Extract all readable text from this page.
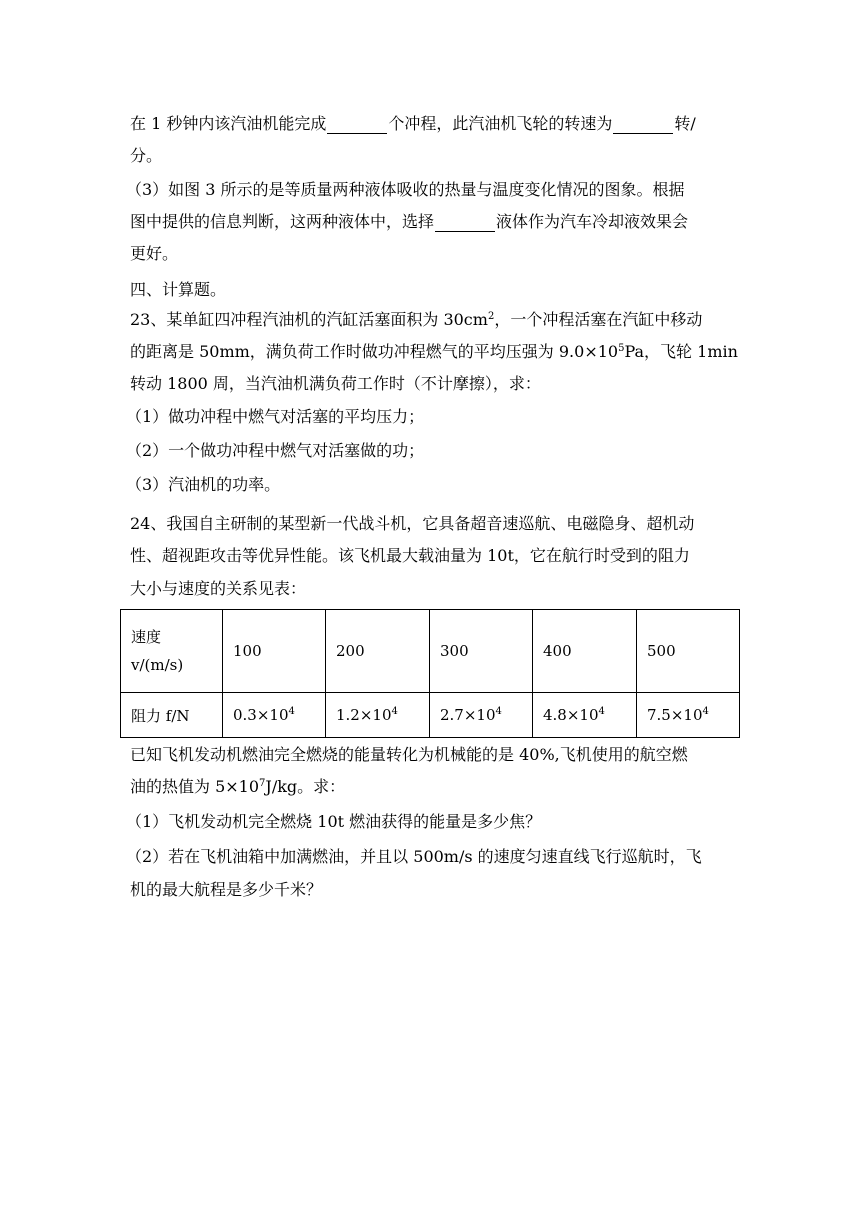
在 1 秒钟内该汽油机能完成	个冲程，此汽油机飞轮的转速为	转/
分。
（3）如图 3 所示的是等质量两种液体吸收的热量与温度变化情况的图象。根据
图中提供的信息判断，这两种液体中，选择	液体作为汽车冷却液效果会
更好。
四、计算题。
23、某单缸四冲程汽油机的汽缸活塞面积为 $30cm^2$，一个冲程活塞在汽缸中移动
的距离是 50mm，满负荷工作时做功冲程燃气的平均压强为 $9.0\times 10^5Pa$，飞轮 1min
转动 1800 周，当汽油机满负荷工作时（不计摩擦），求：
（1）做功冲程中燃气对活塞的平均压力；
（2）一个做功冲程中燃气对活塞做的功；
（3）汽油机的功率。
24、我国自主研制的某型新一代战斗机，它具备超音速巡航、电磁隐身、超机动
性、超视距攻击等优异性能。该飞机最大载油量为 10t，它在航行时受到的阻力
大小与速度的关系见表：
速度
v/(m/s)	100	200	300	400	500
阻力 f/N	$0.3\times 10^4$	$1.2\times 10^4$	$2.7\times 10^4$	$4.8\times 10^4$	$7.5\times 10^4$
已知飞机发动机燃油完全燃烧的能量转化为机械能的是 40%,飞机使用的航空燃
油的热值为 $5\times 10^7J/kg$。求：
（1）飞机发动机完全燃烧 10t 燃油获得的能量是多少焦？
（2）若在飞机油箱中加满燃油，并且以 500m/s 的速度匀速直线飞行巡航时，飞
机的最大航程是多少千米？
